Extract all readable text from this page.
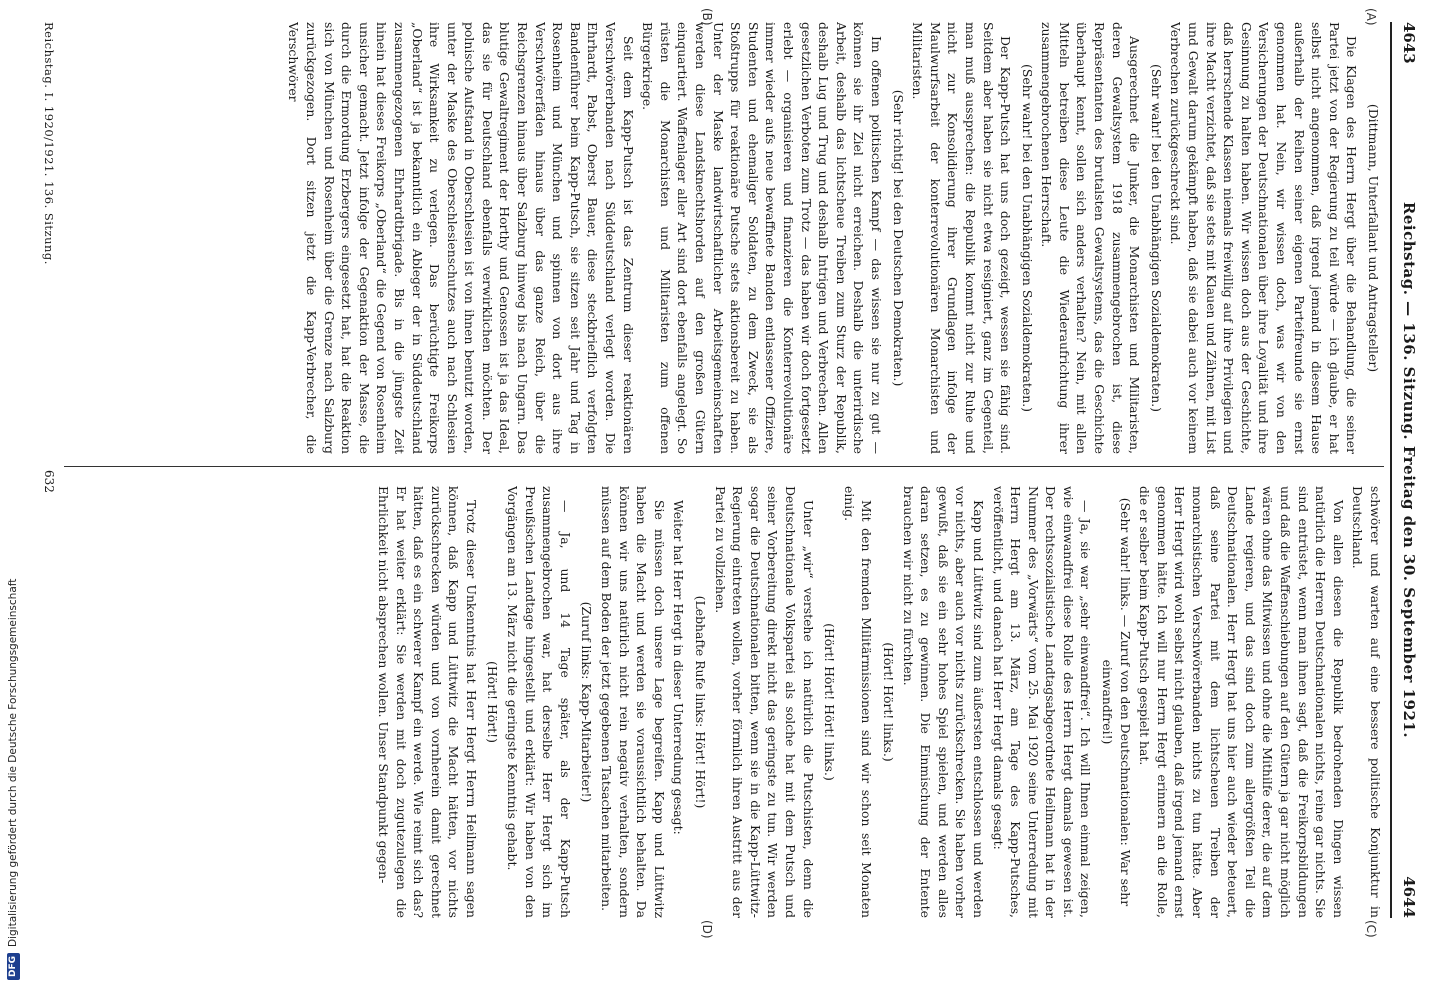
4643
Reichstag. — 136. Sitzung. Freitag den 30. September 1921.
4644
(A)
(B)
(C)
(D)

(Dittmann, Unterfallant und Antragsteller)

Die Klagen des Herrn Hergt über die Behandlung, die seiner Partei jetzt von der Regierung zu teil würde — ich glaube, er hat selbst nicht angenommen, daß irgend jemand in diesem Hause außerhalb der Reihen seiner eigenen Parteifreunde sie ernst genommen hat. Nein, wir wissen doch, was wir von den Versicherungen der Deutschnationalen über ihre Loyalität und ihre Gesinnung zu halten haben. Wir wissen doch aus der Geschichte, daß herrschende Klassen niemals freiwillig auf ihre Privilegien und ihre Macht verzichtet, daß sie stets mit Klauen und Zähnen, mit List und Gewalt darum gekämpft haben, daß sie dabei auch vor keinem Verbrechen zurückgeschreckt sind.

(Sehr wahr! bei den Unabhängigen Sozialdemokraten.)

Ausgerechnet die Junker, die Monarchisten und Militaristen, deren Gewaltsystem 1918 zusammengebrochen ist, diese Repräsentanten des brutalsten Gewaltsystems, das die Geschichte überhaupt kennt, sollen sich anders verhalten? Nein, mit allen Mitteln betreiben diese Leute die Wiederaufrichtung ihrer zusammengebrochenen Herrschaft.

(Sehr wahr! bei den Unabhängigen Sozialdemokraten.)

Der Kapp-Putsch hat uns doch gezeigt, wessen sie fähig sind. Seitdem aber haben sie nicht etwa resigniert, ganz im Gegenteil, man muß aussprechen: die Republik kommt nicht zur Ruhe und nicht zur Konsolidierung ihrer Grundlagen infolge der Maulwurfsarbeit der konterrevolutionären Monarchisten und Militaristen.

(Sehr richtig! bei den Deutschen Demokraten.)

Im offenen politischen Kampf — das wissen sie nur zu gut — können sie ihr Ziel nicht erreichen. Deshalb die unterirdische Arbeit, deshalb das lichtscheue Treiben zum Sturz der Republik, deshalb Lug und Trug und deshalb Intrigen und Verbrechen. Allen gesetzlichen Verboten zum Trotz — das haben wir doch fortgesetzt erlebt — organisieren und finanzieren die Konterrevolutionäre immer wieder aufs neue bewaffnete Banden entlassener Offiziere, Studenten und ehemaliger Soldaten, zu dem Zweck, sie als Stoßtrupps für reaktionäre Putsche stets aktionsbereit zu haben. Unter der Maske landwirtschaftlicher Arbeitsgemeinschaften werden diese Landsknechtshorden auf den großen Gütern einquartiert. Waffenlager aller Art sind dort ebenfalls angelegt. So rüsten die Monarchisten und Militaristen zum offenen Bürgerkriege.

Seit dem Kapp-Putsch ist das Zentrum dieser reaktionären Verschwörerbanden nach Süddeutschland verlegt worden. Die Ehrhardt, Pabst, Oberst Bauer, diese steckbrieflich verfolgten Bandenführer beim Kapp-Putsch, sie sitzen seit Jahr und Tag in Rosenheim und München und spinnen von dort aus ihre Verschwörerfäden hinaus über das ganze Reich, über die Reichsgrenzen hinaus über Salzburg hinweg bis nach Ungarn. Das blutige Gewaltregiment der Horthy und Genossen ist ja das Ideal, das sie für Deutschland ebenfalls verwirklichen möchten. Der polnische Aufstand in Oberschlesien ist von ihnen benutzt worden, unter der Maske des Oberschlesienschutzes auch nach Schlesien ihre Wirksamkeit zu verlegen. Das berüchtigte Freikorps „Oberland“ ist ja bekanntlich ein Ableger der in Süddeutschland zusammengezogenen Ehrhardtbrigade. Bis in die jüngste Zeit hinein hat dieses Freikorps „Oberland“ die Gegend von Rosenheim unsicher gemacht. Jetzt infolge der Gegenaktion der Masse, die durch die Ermordung Erzbergers eingesetzt hat, hat die Reaktion sich von München und Rosenheim über die Grenze nach Salzburg zurückgezogen. Dort sitzen jetzt die Kapp-Verbrecher, die Verschwörer

schwörer und warten auf eine bessere politische Konjunktur in Deutschland.

Von allen diesen die Republik bedrohenden Dingen wissen natürlich die Herren Deutschnationalen nichts, reine gar nichts. Sie sind entrüstet, wenn man ihnen sagt, daß die Freikorpsbildungen und daß die Waffenschiebungen auf den Gütern ja gar nicht möglich wären ohne das Mitwissen und ohne die Mithilfe derer, die auf dem Lande regieren, und das sind doch zum allergrößten Teil die Deutschnationalen. Herr Hergt hat uns hier auch wieder beteuert, daß seine Partei mit dem lichtscheuen Treiben der monarchistischen Verschwörerbanden nichts zu tun hätte. Aber Herr Hergt wird wohl selbst nicht glauben, daß irgend jemand ernst genommen hätte. Ich will nur Herrn Hergt erinnern an die Rolle, die er selber beim Kapp-Putsch gespielt hat.

(Sehr wahr! links. — Zuruf von den Deutschnationalen: War sehr einwandfrei!)

— Ja, sie war „sehr einwandfrei“. Ich will Ihnen einmal zeigen, wie einwandfrei diese Rolle des Herrn Hergt damals gewesen ist. Der rechtssozialistische Landtagsabgeordnete Heilmann hat in der Nummer des „Vorwärts“ vom 25. Mai 1920 seine Unterredung mit Herrn Hergt am 13. März, am Tage des Kapp-Putsches, veröffentlicht, und danach hat Herr Hergt damals gesagt:

Kapp und Lüttwitz sind zum äußersten entschlossen und werden vor nichts, aber auch vor nichts zurückschrecken. Sie haben vorher gewußt, daß sie ein sehr hohes Spiel spielen, und werden alles daran setzen, es zu gewinnen. Die Einmischung der Entente brauchen wir nicht zu fürchten.

(Hört! Hört! links.)

Mit den fremden Militärmissionen sind wir schon seit Monaten einig.

(Hört! Hört! Hört! links.)

Unter „wir“ verstehe ich natürlich die Putschisten, denn die Deutschnationale Volkspartei als solche hat mit dem Putsch und seiner Vorbereitung direkt nicht das geringste zu tun. Wir werden sogar die Deutschnationalen bitten, wenn sie in die Kapp-Lüttwitz-Regierung eintreten wollen, vorher förmlich ihren Austritt aus der Partei zu vollziehen.

(Lebhafte Rufe links: Hört! Hört!)

Weiter hat Herr Hergt in dieser Unterredung gesagt:

Sie müssen doch unsere Lage begreifen. Kapp und Lüttwitz haben die Macht und werden sie voraussichtlich behalten. Da können wir uns natürlich nicht rein negativ verhalten, sondern müssen auf dem Boden der jetzt gegebenen Tatsachen mitarbeiten.

(Zuruf links: Kapp-Mitarbeiter!)

— Ja, und 14 Tage später, als der Kapp-Putsch zusammengebrochen war, hat derselbe Herr Hergt sich im Preußischen Landtage hingestellt und erklärt: Wir haben von den Vorgängen am 13. März nicht die geringste Kenntnis gehabt.

(Hört! Hört!)

Trotz dieser Unkenntnis hat Herr Hergt Herrn Heilmann sagen können, daß Kapp und Lüttwitz die Macht hätten, vor nichts zurückschrecken würden und von vornherein damit gerechnet hätten, daß es ein schwerer Kampf ein werde. Wie reimt sich das? Er hat weiter erklärt: Sie werden mit doch zugutezulegen die Ehrlichkeit nicht absprechen wollen. Unser Standpunkt gegen-

Reichstag. I. 1920/1921. 136. Sitzung.
632
DFG
Digitalisierung gefördert durch die Deutsche Forschungsgemeinschaft
